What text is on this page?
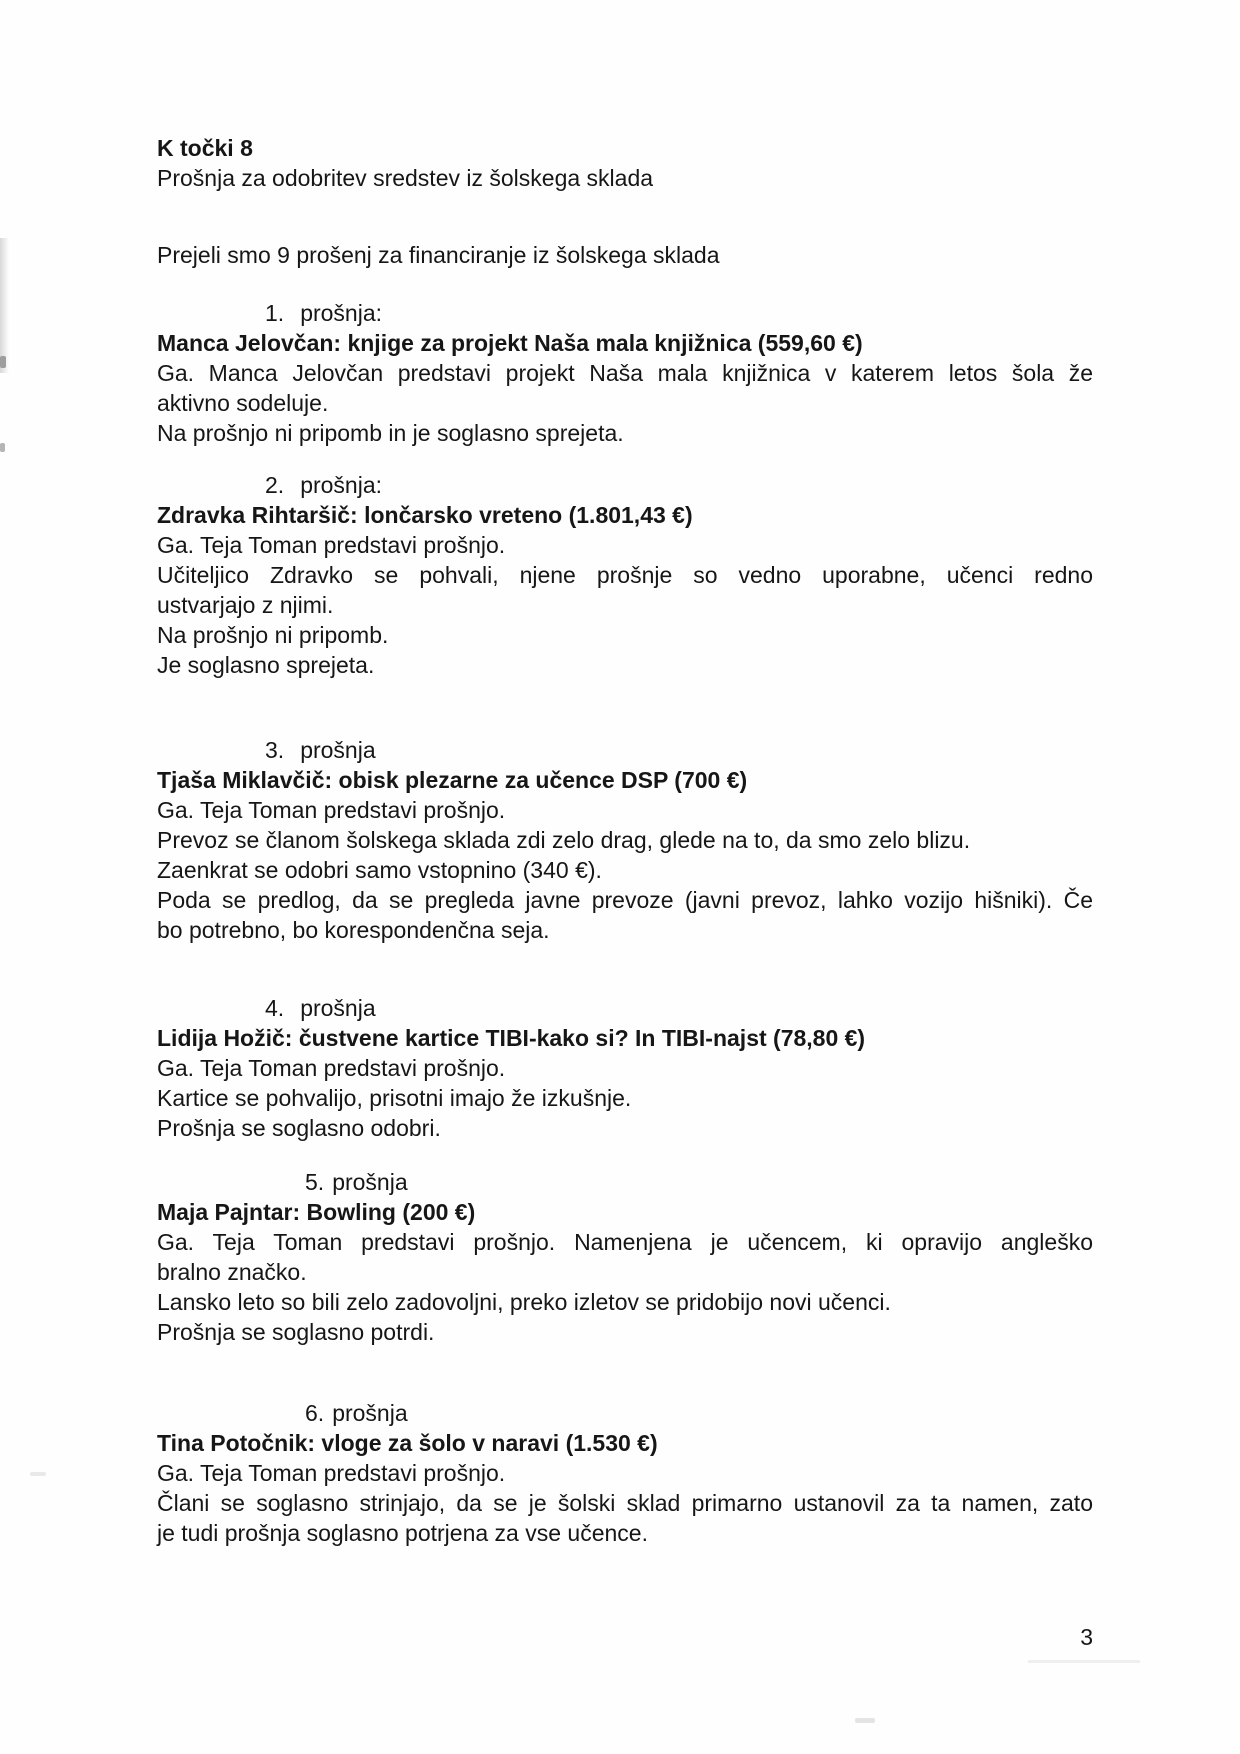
K točki 8
Prošnja za odobritev sredstev iz šolskega sklada
Prejeli smo 9 prošenj za financiranje iz šolskega sklada
1. prošnja:
Manca Jelovčan: knjige za projekt Naša mala knjižnica (559,60 €)
Ga. Manca Jelovčan predstavi projekt Naša mala knjižnica v katerem letos šola že
aktivno sodeluje.
Na prošnjo ni pripomb in je soglasno sprejeta.
2. prošnja:
Zdravka Rihtaršič: lončarsko vreteno (1.801,43 €)
Ga. Teja Toman predstavi prošnjo.
Učiteljico Zdravko se pohvali, njene prošnje so vedno uporabne, učenci redno
ustvarjajo z njimi.
Na prošnjo ni pripomb.
Je soglasno sprejeta.
3. prošnja
Tjaša Miklavčič: obisk plezarne za učence DSP (700 €)
Ga. Teja Toman predstavi prošnjo.
Prevoz se članom šolskega sklada zdi zelo drag, glede na to, da smo zelo blizu.
Zaenkrat se odobri samo vstopnino (340 €).
Poda se predlog, da se pregleda javne prevoze (javni prevoz, lahko vozijo hišniki). Če
bo potrebno, bo korespondenčna seja.
4. prošnja
Lidija Hožič: čustvene kartice TIBI-kako si? In TIBI-najst (78,80 €)
Ga. Teja Toman predstavi prošnjo.
Kartice se pohvalijo, prisotni imajo že izkušnje.
Prošnja se soglasno odobri.
5. prošnja
Maja Pajntar: Bowling (200 €)
Ga. Teja Toman predstavi prošnjo. Namenjena je učencem, ki opravijo angleško
bralno značko.
Lansko leto so bili zelo zadovoljni, preko izletov se pridobijo novi učenci.
Prošnja se soglasno potrdi.
6. prošnja
Tina Potočnik: vloge za šolo v naravi (1.530 €)
Ga. Teja Toman predstavi prošnjo.
Člani se soglasno strinjajo, da se je šolski sklad primarno ustanovil za ta namen, zato
je tudi prošnja soglasno potrjena za vse učence.
3
